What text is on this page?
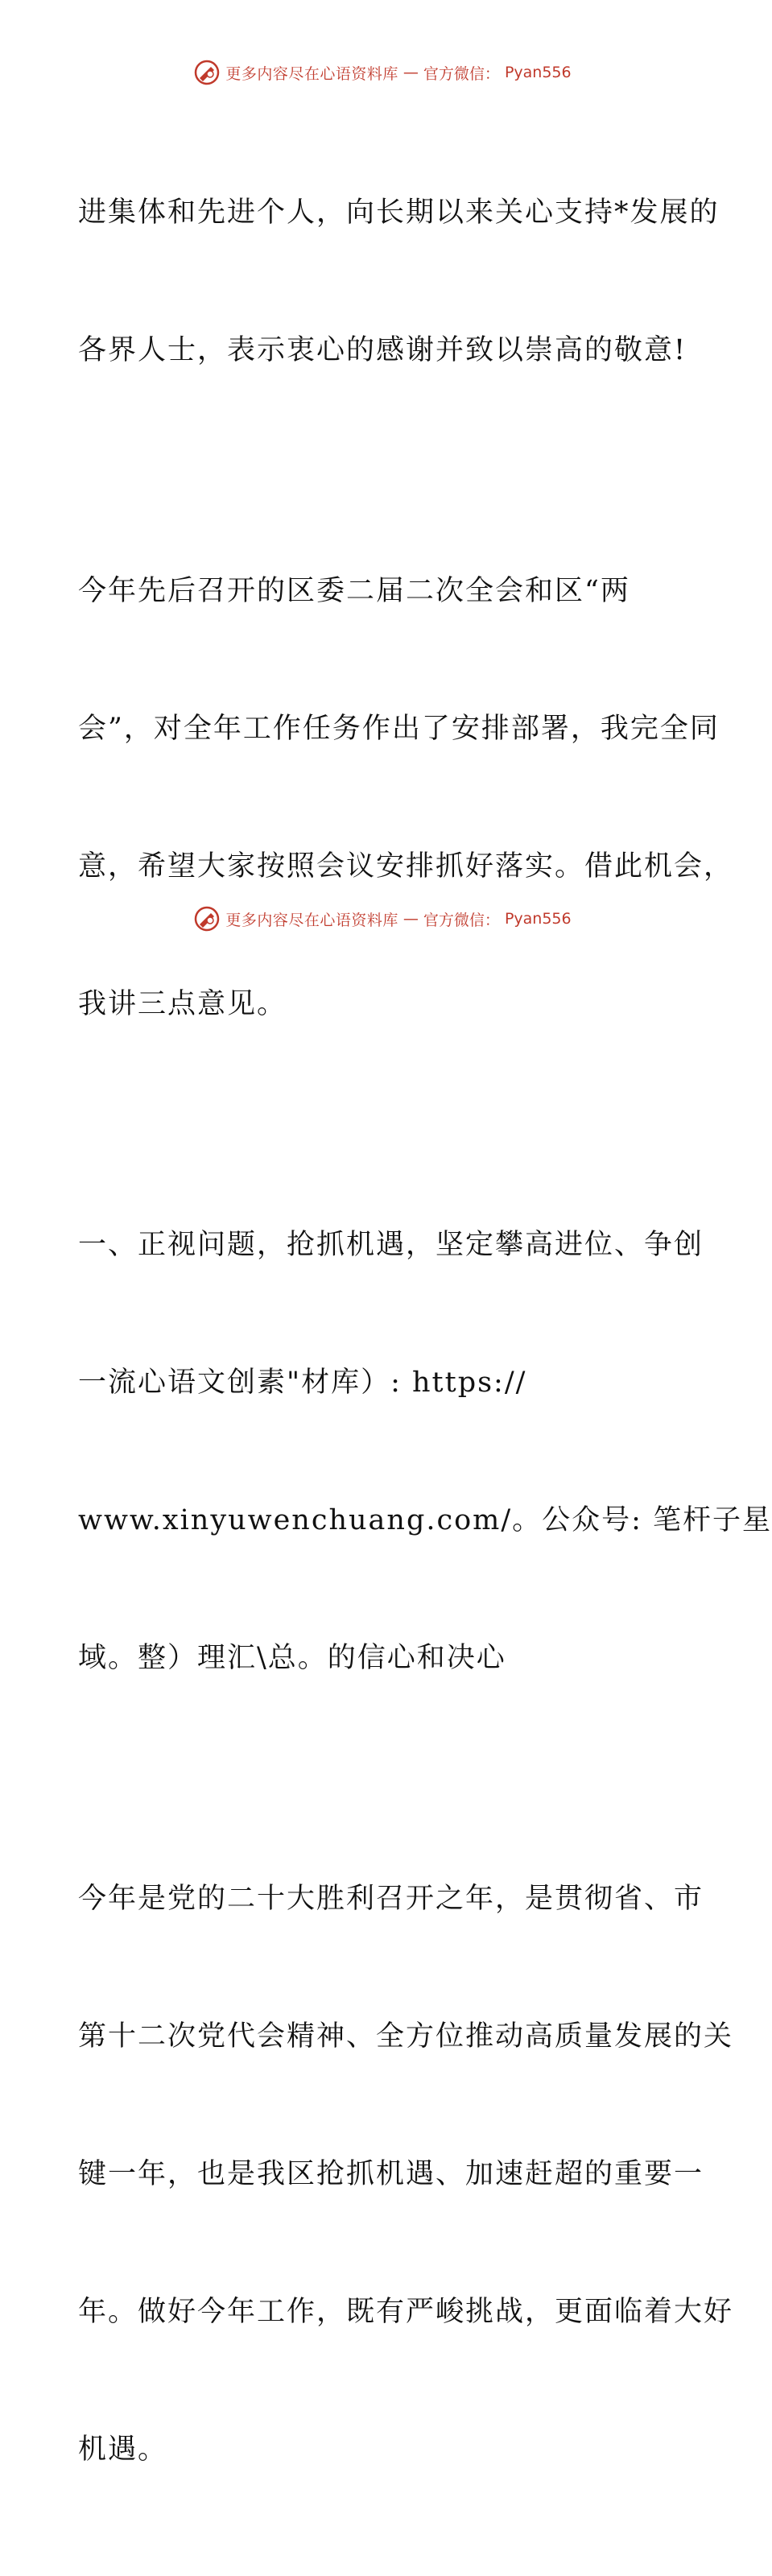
更多内容尽在心语资料库 — 官方微信： Pyan556

进集体和先进个人，向长期以来关心支持*发展的

各界人士，表示衷心的感谢并致以崇高的敬意!

今年先后召开的区委二届二次全会和区“两

会”，对全年工作任务作出了安排部署，我完全同

意，希望大家按照会议安排抓好落实。借此机会，

我讲三点意见。

一、正视问题，抢抓机遇，坚定攀高进位、争创

一流心语文创素"材库）: https://

www.xinyuwenchuang.com/。公众号: 笔杆子星

域。整）理汇\总。的信心和决心

今年是党的二十大胜利召开之年，是贯彻省、市

第十二次党代会精神、全方位推动高质量发展的关

键一年，也是我区抢抓机遇、加速赶超的重要一

年。做好今年工作，既有严峻挑战，更面临着大好

机遇。

更多内容尽在心语资料库 — 官方微信： Pyan556
